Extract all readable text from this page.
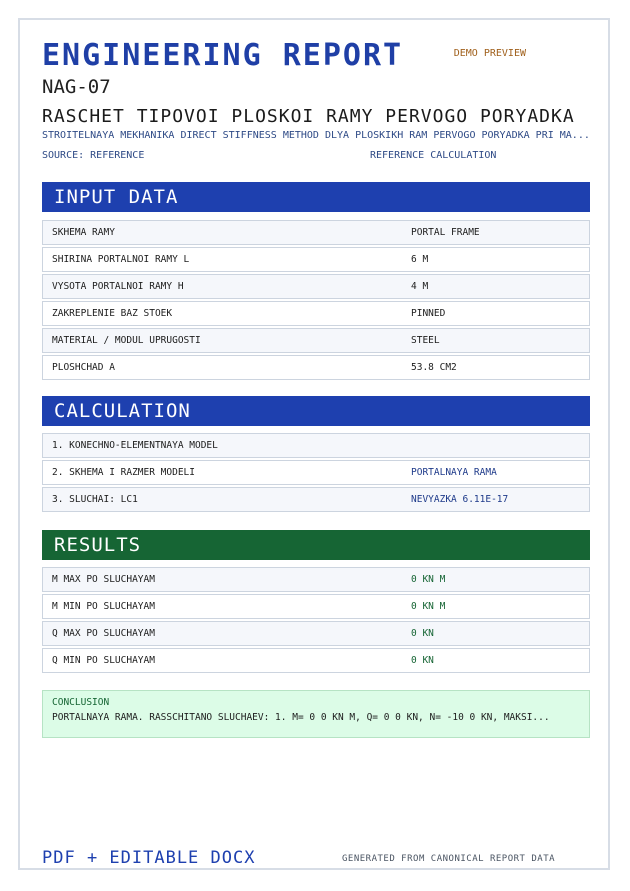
ENGINEERING REPORT	DEMO PREVIEW
NAG-07
RASCHET TIPOVOI PLOSKOI RAMY PERVOGO PORYADKA
STROITELNAYA MEKHANIKA DIRECT STIFFNESS METHOD DLYA PLOSKIKH RAM PERVOGO PORYADKA PRI MA...
SOURCE: REFERENCE	REFERENCE CALCULATION
INPUT DATA
SKHEMA RAMY	PORTAL FRAME
SHIRINA PORTALNOI RAMY L	6 M
VYSOTA PORTALNOI RAMY H	4 M
ZAKREPLENIE BAZ STOEK	PINNED
MATERIAL / MODUL UPRUGOSTI	STEEL
PLOSHCHAD A	53.8 CM2
CALCULATION
1. KONECHNO-ELEMENTNAYA MODEL
2. SKHEMA I RAZMER MODELI	PORTALNAYA RAMA
3. SLUCHAI: LC1	NEVYAZKA 6.11E-17
RESULTS
M MAX PO SLUCHAYAM	0 KN M
M MIN PO SLUCHAYAM	0 KN M
Q MAX PO SLUCHAYAM	0 KN
Q MIN PO SLUCHAYAM	0 KN
CONCLUSION
PORTALNAYA RAMA. RASSCHITANO SLUCHAEV: 1. M= 0 0 KN M, Q= 0 0 KN, N= -10 0 KN, MAKSI...
PDF + EDITABLE DOCX	GENERATED FROM CANONICAL REPORT DATA
